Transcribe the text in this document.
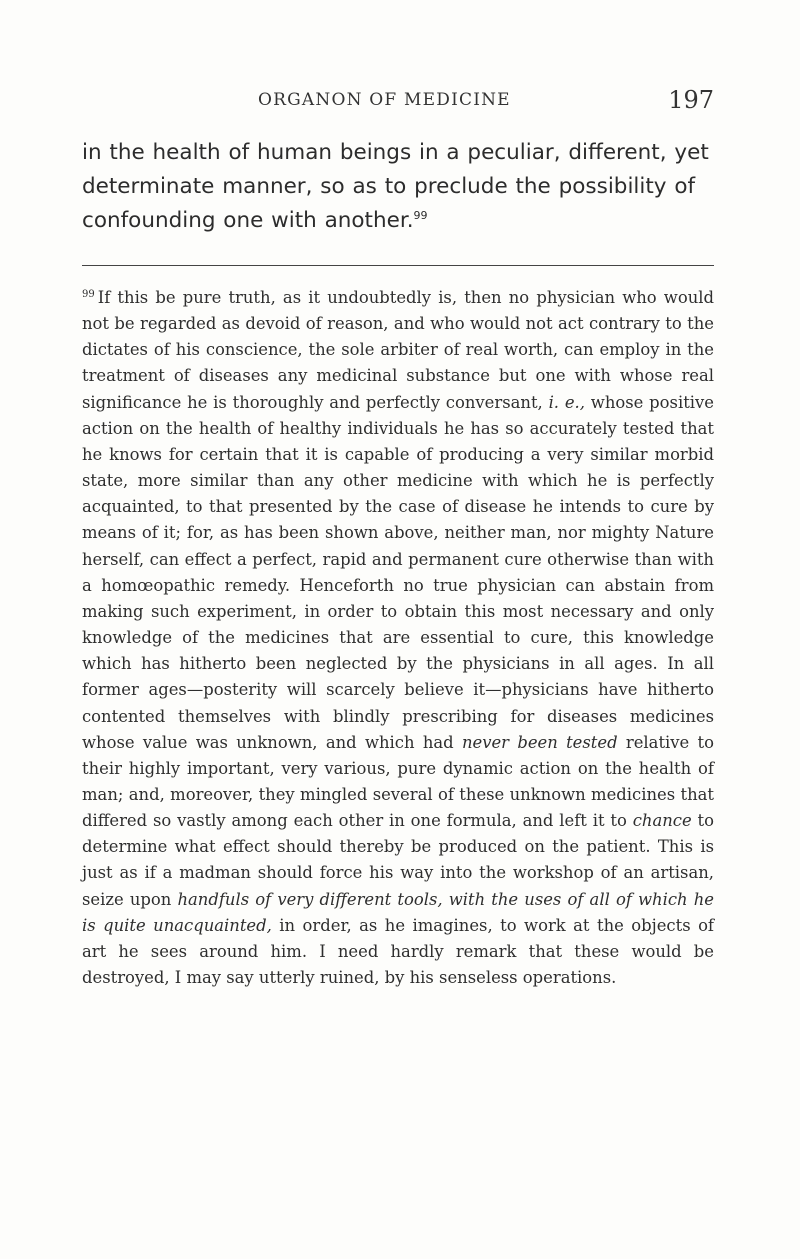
ORGANON OF MEDICINE	197
in the health of human beings in a peculiar, different, yet determinate manner, so as to preclude the possibility of confounding one with another.$^{99}$
$^{99}$ If this be pure truth, as it undoubtedly is, then no physician who would not be regarded as devoid of reason, and who would not act contrary to the dictates of his conscience, the sole arbiter of real worth, can employ in the treatment of diseases any medicinal substance but one with whose real significance he is thoroughly and perfectly conversant, i. e., whose positive action on the health of healthy individuals he has so accurately tested that he knows for certain that it is capable of producing a very similar morbid state, more similar than any other medicine with which he is perfectly acquainted, to that presented by the case of disease he intends to cure by means of it; for, as has been shown above, neither man, nor mighty Nature herself, can effect a perfect, rapid and permanent cure otherwise than with a homœopathic remedy. Henceforth no true physician can abstain from making such experiment, in order to obtain this most necessary and only knowledge of the medicines that are essential to cure, this knowledge which has hitherto been neglected by the physicians in all ages. In all former ages—posterity will scarcely believe it—physicians have hitherto contented themselves with blindly prescribing for diseases medicines whose value was unknown, and which had never been tested relative to their highly important, very various, pure dynamic action on the health of man; and, moreover, they mingled several of these unknown medicines that differed so vastly among each other in one formula, and left it to chance to determine what effect should thereby be produced on the patient. This is just as if a madman should force his way into the workshop of an artisan, seize upon handfuls of very different tools, with the uses of all of which he is quite unacquainted, in order, as he imagines, to work at the objects of art he sees around him. I need hardly remark that these would be destroyed, I may say utterly ruined, by his senseless operations.
